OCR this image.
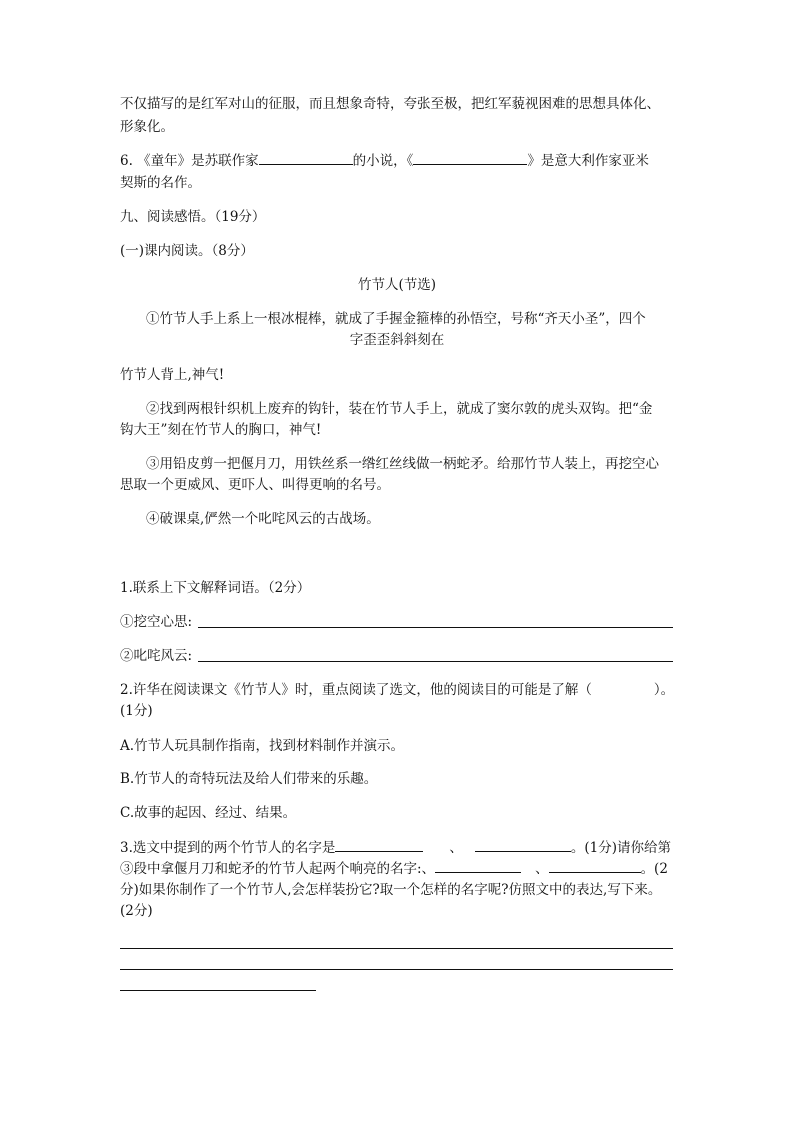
不仅描写的是红军对山的征服，而且想象奇特，夸张至极，把红军藐视困难的思想具体化、
形象化。
6. 《童年》是苏联作家	的小说，《	》是意大利作家亚米
契斯的名作。
九、阅读感悟。（19分）
(一)课内阅读。（8分）
竹节人(节选)
①竹节人手上系上一根冰棍棒，就成了手握金箍棒的孙悟空，号称“齐天小圣”，四个
字歪歪斜斜刻在
竹节人背上,神气!
②找到两根针织机上废弃的钩针，装在竹节人手上，就成了窦尔敦的虎头双钩。把“金
钩大王”刻在竹节人的胸口，神气!
③用铅皮剪一把偃月刀，用铁丝系一绺红丝线做一柄蛇矛。给那竹节人装上，再挖空心
思取一个更威风、更吓人、叫得更响的名号。
④破课桌,俨然一个叱咤风云的古战场。
1.联系上下文解释词语。（2分）
①挖空心思:
②叱咤风云:
2.许华在阅读课文《竹节人》时，重点阅读了选文，他的阅读目的可能是了解（	）。
(1分)
A.竹节人玩具制作指南，找到材料制作并演示。
B.竹节人的奇特玩法及给人们带来的乐趣。
C.故事的起因、经过、结果。
3.选文中提到的两个竹节人的名字是	、	。(1分)请你给第
③段中拿偃月刀和蛇矛的竹节人起两个响亮的名字:、	、	。(2
分)如果你制作了一个竹节人,会怎样装扮它?取一个怎样的名字呢?仿照文中的表达,写下来。
(2分)
